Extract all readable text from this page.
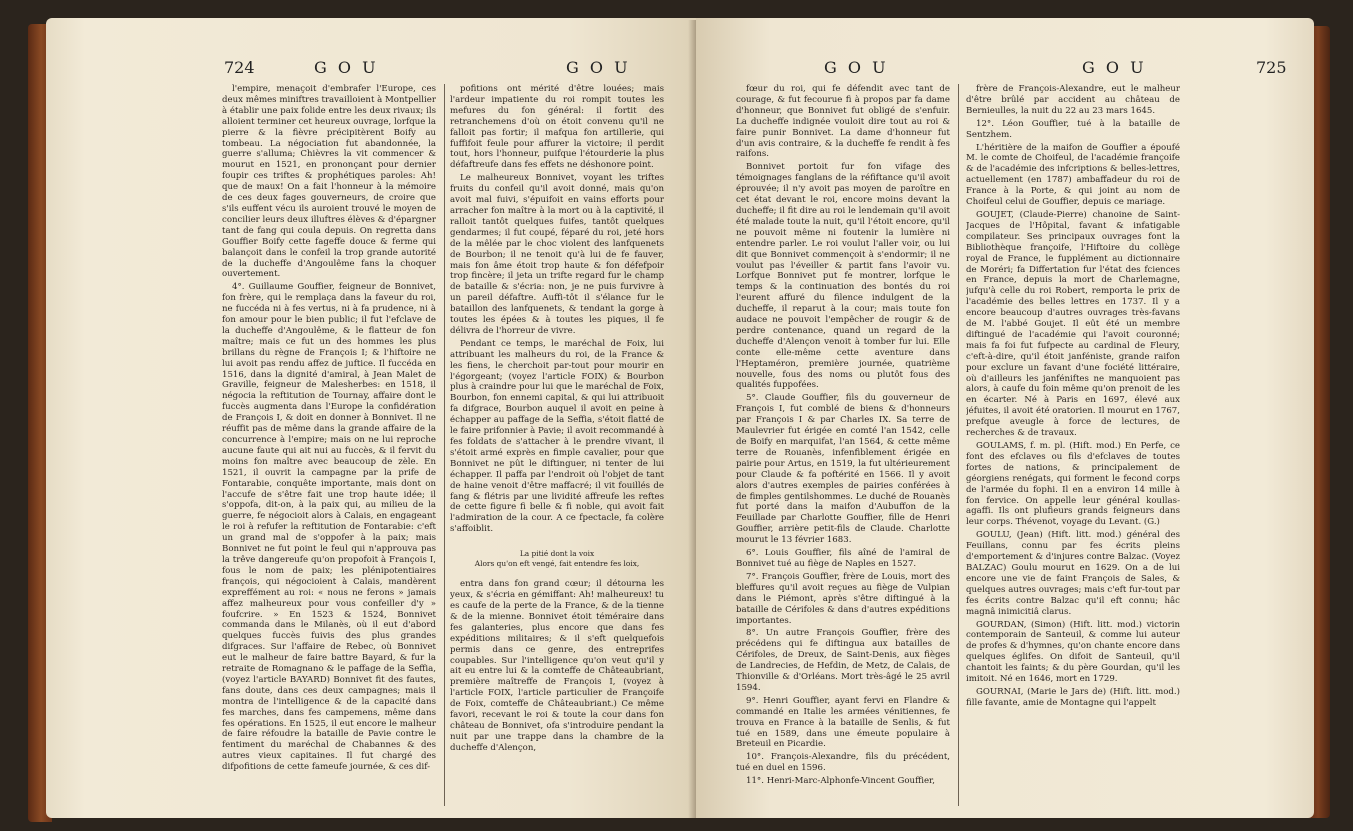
724	G O U	G O U

l'empire, menaçoit d'embrafer l'Europe, ces deux mêmes miniftres travailloient à Montpellier à établir une paix folide entre les deux rivaux; ils alloient terminer cet heureux ouvrage, lorfque la pierre & la fièvre précipitèrent Boify au tombeau. La négociation fut abandonnée, la guerre s'alluma; Chièvres la vit commencer & mourut en 1521, en prononçant pour dernier foupir ces triftes & prophétiques paroles: Ah! que de maux! On a fait l'honneur à la mémoire de ces deux fages gouverneurs, de croire que s'ils euffent vécu ils auroient trouvé le moyen de concilier leurs deux illuftres élèves & d'épargner tant de fang qui coula depuis. On regretta dans Gouffier Boify cette fageffe douce & ferme qui balançoit dans le confeil la trop grande autorité de la ducheffe d'Angoulême fans la choquer ouvertement.

4°. Guillaume Gouffier, feigneur de Bonnivet, fon frère, qui le remplaça dans la faveur du roi, ne fuccéda ni à fes vertus, ni à fa prudence, ni à fon amour pour le bien public; il fut l'efclave de la ducheffe d'Angoulême, & le flatteur de fon maître; mais ce fut un des hommes les plus brillans du règne de François I; & l'hiftoire ne lui avoit pas rendu affez de juftice. Il fuccéda en 1516, dans la dignité d'amiral, à Jean Malet de Graville, feigneur de Malesherbes: en 1518, il négocia la reftitution de Tournay, affaire dont le fuccès augmenta dans l'Europe la confidération de François I, & doit en donner à Bonnivet. Il ne réuffit pas de même dans la grande affaire de la concurrence à l'empire; mais on ne lui reproche aucune faute qui ait nui au fuccès, & il fervit du moins fon maître avec beaucoup de zèle. En 1521, il ouvrit la campagne par la prife de Fontarabie, conquête importante, mais dont on l'accufe de s'être fait une trop haute idée; il s'oppofa, dit-on, à la paix qui, au milieu de la guerre, fe négocioit alors à Calais, en engageant le roi à refufer la reftitution de Fontarabie: c'eft un grand mal de s'oppofer à la paix; mais Bonnivet ne fut point le feul qui n'approuva pas la trêve dangereufe qu'on propofoit à François I, fous le nom de paix; les plénipotentiaires françois, qui négocioient à Calais, mandèrent expreffément au roi: « nous ne ferons » jamais affez malheureux pour vous confeiller d'y » foufcrire. » En 1523 & 1524, Bonnivet commanda dans le Milanès, où il eut d'abord quelques fuccès fuivis des plus grandes difgraces. Sur l'affaire de Rebec, où Bonnivet eut le malheur de faire battre Bayard, & fur la retraite de Romagnano & le paffage de la Seffia, (voyez l'article BAYARD) Bonnivet fit des fautes, fans doute, dans ces deux campagnes; mais il montra de l'intelligence & de la capacité dans fes marches, dans fes campemens, même dans fes opérations. En 1525, il eut encore le malheur de faire réfoudre la bataille de Pavie contre le fentiment du maréchal de Chabannes & des autres vieux capitaines. Il fut chargé des difpofitions de cette fameufe journée, & ces dif-

pofitions ont mérité d'être louées; mais l'ardeur impatiente du roi rompit toutes les mefures du fon général: il fortit des retranchemens d'où on étoit convenu qu'il ne falloit pas fortir; il mafqua fon artillerie, qui fuffifoit feule pour affurer la victoire; il perdit tout, hors l'honneur, puifque l'étourderie la plus défaftreufe dans fes effets ne déshonore point.

Le malheureux Bonnivet, voyant les triftes fruits du confeil qu'il avoit donné, mais qu'on avoit mal fuivi, s'épuifoit en vains efforts pour arracher fon maître à la mort ou à la captivité, il ralloit tantôt quelques fuifes, tantôt quelques gendarmes; il fut coupé, féparé du roi, jeté hors de la mêlée par le choc violent des lanfquenets de Bourbon; il ne tenoit qu'à lui de fe fauver, mais fon âme étoit trop haute & fon défefpoir trop fincère; il jeta un trifte regard fur le champ de bataille & s'écria: non, je ne puis furvivre à un pareil défaftre. Auffi-tôt il s'élance fur le bataillon des lanfquenets, & tendant la gorge à toutes les épées & à toutes les piques, il fe délivra de l'horreur de vivre.

Pendant ce temps, le maréchal de Foix, lui attribuant les malheurs du roi, de la France & les fiens, le cherchoit par-tout pour mourir en l'égorgeant; (voyez l'article FOIX) & Bourbon plus à craindre pour lui que le maréchal de Foix, Bourbon, fon ennemi capital, & qui lui attribuoit fa difgrace, Bourbon auquel il avoit en peine à échapper au paffage de la Seffia, s'étoit flatté de le faire prifonnier à Pavie; il avoit recommandé à fes foldats de s'attacher à le prendre vivant, il s'étoit armé exprès en fimple cavalier, pour que Bonnivet ne pût le diftinguer, ni tenter de lui échapper. Il paffa par l'endroit où l'objet de tant de haine venoit d'être maffacré; il vit fouillés de fang & flétris par une lividité affreufe les reftes de cette figure fi belle & fi noble, qui avoit fait l'admiration de la cour. A ce fpectacle, fa colère s'affoiblit.

La pitié dont la voix
Alors qu'on eft vengé, fait entendre fes loix,

entra dans fon grand cœur; il détourna les yeux, & s'écria en gémiffant: Ah! malheureux! tu es caufe de la perte de la France, & de la tienne & de la mienne. Bonnivet étoit téméraire dans fes galanteries, plus encore que dans fes expéditions militaires; & il s'eft quelquefois permis dans ce genre, des entreprifes coupables. Sur l'intelligence qu'on veut qu'il y ait eu entre lui & la comteffe de Châteaubriant, première maîtreffe de François I, (voyez à l'article FOIX, l'article particulier de Françoife de Foix, comteffe de Châteaubriant.) Ce même favori, recevant le roi & toute la cour dans fon château de Bonnivet, ofa s'introduire pendant la nuit par une trappe dans la chambre de la ducheffe d'Alençon,

G O U	G O U	725

fœur du roi, qui fe défendit avec tant de courage, & fut fecourue fi à propos par fa dame d'honneur, que Bonnivet fut obligé de s'enfuir. La ducheffe indignée vouloit dire tout au roi & faire punir Bonnivet. La dame d'honneur fut d'un avis contraire, & la ducheffe fe rendit à fes raifons.

Bonnivet portoit fur fon vifage des témoignages fanglans de la réfiftance qu'il avoit éprouvée; il n'y avoit pas moyen de paroître en cet état devant le roi, encore moins devant la ducheffe; il fit dire au roi le lendemain qu'il avoit été malade toute la nuit, qu'il l'étoit encore, qu'il ne pouvoit même ni foutenir la lumière ni entendre parler. Le roi voulut l'aller voir, ou lui dit que Bonnivet commençoit à s'endormir; il ne voulut pas l'éveiller & partit fans l'avoir vu. Lorfque Bonnivet put fe montrer, lorfque le temps & la continuation des bontés du roi l'eurent affuré du filence indulgent de la ducheffe, il reparut à la cour; mais toute fon audace ne pouvoit l'empêcher de rougir & de perdre contenance, quand un regard de la ducheffe d'Alençon venoit à tomber fur lui. Elle conte elle-même cette aventure dans l'Heptaméron, première journée, quatrième nouvelle, fous des noms ou plutôt fous des qualités fuppofées.

5°. Claude Gouffier, fils du gouverneur de François I, fut comblé de biens & d'honneurs par François I & par Charles IX. Sa terre de Maulevrier fut érigée en comté l'an 1542, celle de Boify en marquifat, l'an 1564, & cette même terre de Rouanès, infenfiblement érigée en pairie pour Artus, en 1519, la fut ultérieurement pour Claude & fa poftérité en 1566. Il y avoit alors d'autres exemples de pairies conférées à de fimples gentilshommes. Le duché de Rouanès fut porté dans la maifon d'Aubuffon de la Feuillade par Charlotte Gouffier, fille de Henri Gouffier, arrière petit-fils de Claude. Charlotte mourut le 13 février 1683.

6°. Louis Gouffier, fils aîné de l'amiral de Bonnivet tué au fiège de Naples en 1527.

7°. François Gouffier, frère de Louis, mort des bleffures qu'il avoit reçues au fiège de Vulpian dans le Piémont, après s'être diftingué à la bataille de Cérifoles & dans d'autres expéditions importantes.

8°. Un autre François Gouffier, frère des précédens qui fe diftingua aux batailles de Cérifoles, de Dreux, de Saint-Denis, aux fièges de Landrecies, de Hefdin, de Metz, de Calais, de Thionville & d'Orléans. Mort très-âgé le 25 avril 1594.

9°. Henri Gouffier, ayant fervi en Flandre & commandé en Italie les armées vénitiennes, fe trouva en France à la bataille de Senlis, & fut tué en 1589, dans une émeute populaire à Breteuil en Picardie.

10°. François-Alexandre, fils du précédent, tué en duel en 1596.

11°. Henri-Marc-Alphonfe-Vincent Gouffier,

frère de François-Alexandre, eut le malheur d'être brûlé par accident au château de Bernieulles, la nuit du 22 au 23 mars 1645.

12°. Léon Gouffier, tué à la bataille de Sentzhem.

L'héritière de la maifon de Gouffier a époufé M. le comte de Choifeul, de l'académie françoife & de l'académie des infcriptions & belles-lettres, actuellement (en 1787) ambaffadeur du roi de France à la Porte, & qui joint au nom de Choifeul celui de Gouffier, depuis ce mariage.

GOUJET, (Claude-Pierre) chanoine de Saint-Jacques de l'Hôpital, favant & infatigable compilateur. Ses principaux ouvrages font la Bibliothèque françoife, l'Hiftoire du collège royal de France, le fupplément au dictionnaire de Moréri; fa Differtation fur l'état des fciences en France, depuis la mort de Charlemagne, jufqu'à celle du roi Robert, remporta le prix de l'académie des belles lettres en 1737. Il y a encore beaucoup d'autres ouvrages très-favans de M. l'abbé Goujet. Il eût été un membre diftingué de l'académie qui l'avoit couronné; mais fa foi fut fufpecte au cardinal de Fleury, c'eft-à-dire, qu'il étoit janféniste, grande raifon pour exclure un favant d'une fociété littéraire, où d'ailleurs les janféniftes ne manquoient pas alors, à caufe du foin même qu'on prenoit de les en écarter. Né à Paris en 1697, élevé aux jéfuites, il avoit été oratorien. Il mourut en 1767, prefque aveugle à force de lectures, de recherches & de travaux.

GOULAMS, f. m. pl. (Hift. mod.) En Perfe, ce font des efclaves ou fils d'efclaves de toutes fortes de nations, & principalement de géorgiens renégats, qui forment le fecond corps de l'armée du fophi. Il en a environ 14 mille à fon fervice. On appelle leur général koullas-agaffi. Ils ont plufieurs grands feigneurs dans leur corps. Thévenot, voyage du Levant. (G.)

GOULU, (Jean) (Hift. litt. mod.) général des Feuillans, connu par fes écrits pleins d'emportement & d'injures contre Balzac. (Voyez BALZAC) Goulu mourut en 1629. On a de lui encore une vie de faint François de Sales, & quelques autres ouvrages; mais c'eft fur-tout par fes écrits contre Balzac qu'il eft connu; hâc magnâ inimicitiâ clarus.

GOURDAN, (Simon) (Hift. litt. mod.) victorin contemporain de Santeuil, & comme lui auteur de profes & d'hymnes, qu'on chante encore dans quelques églifes. On difoit de Santeuil, qu'il chantoit les faints; & du père Gourdan, qu'il les imitoit. Né en 1646, mort en 1729.

GOURNAI, (Marie le Jars de) (Hift. litt. mod.) fille favante, amie de Montagne qui l'appelt
